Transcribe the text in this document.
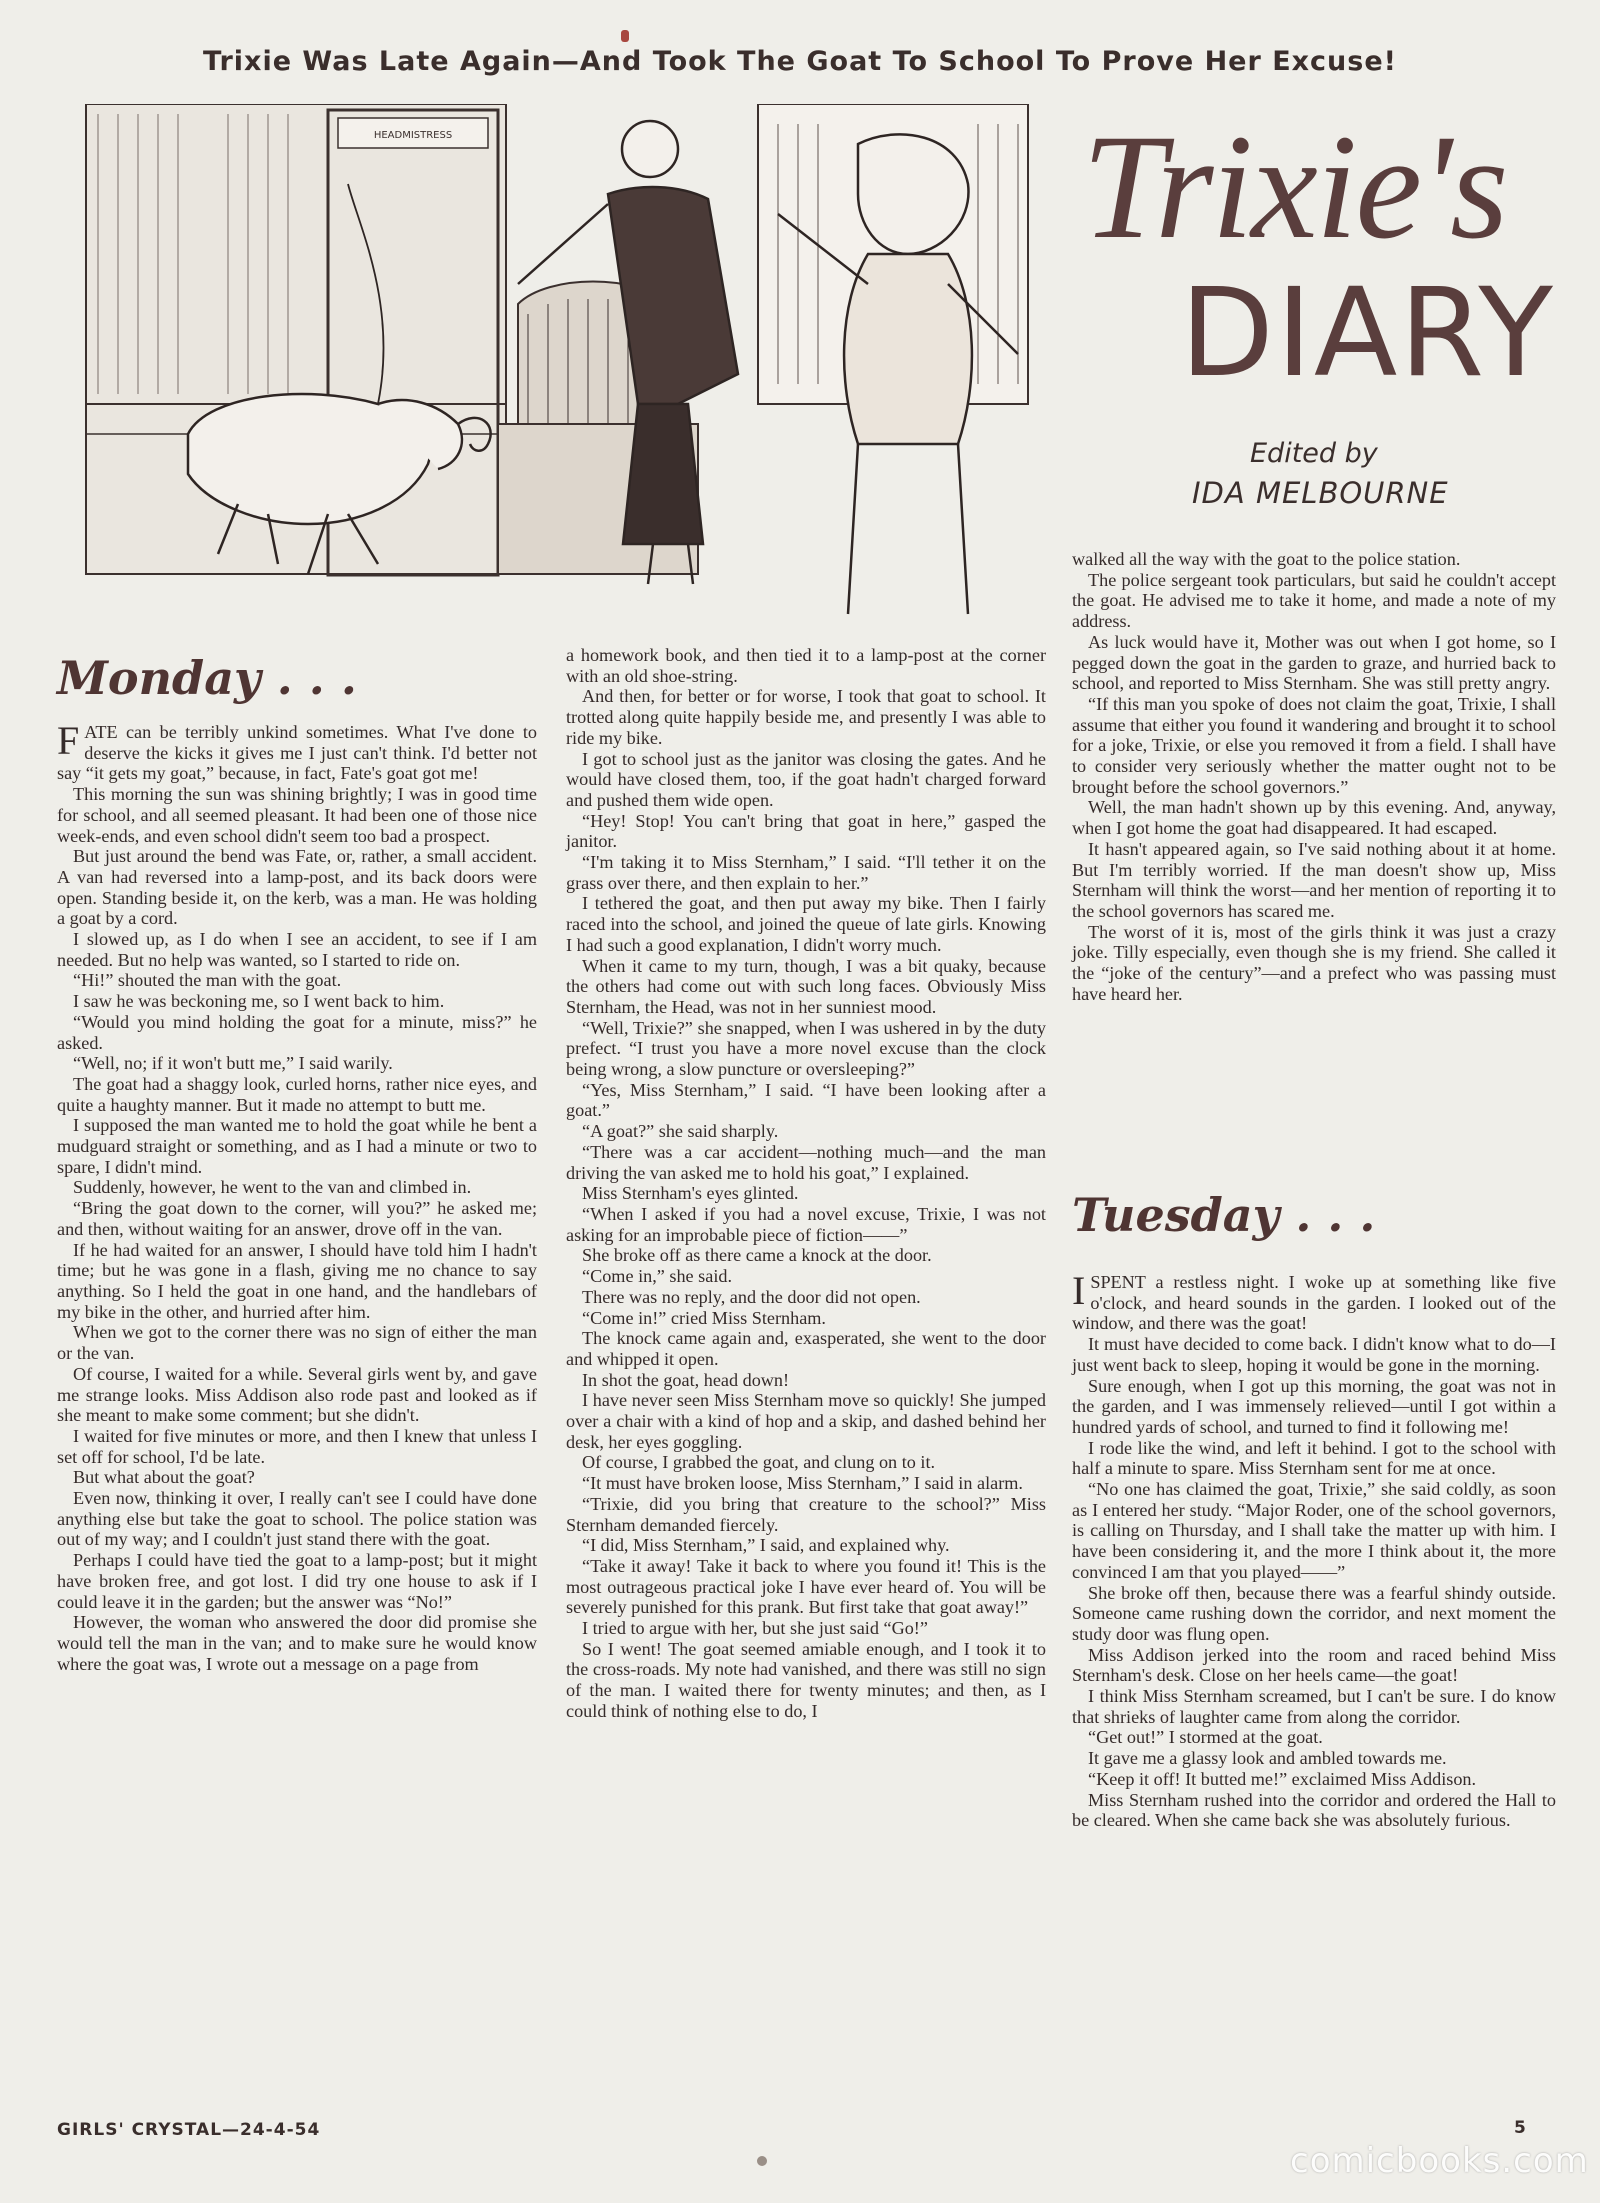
Trixie Was Late Again—And Took The Goat To School To Prove Her Excuse!
HEADMISTRESS	Trixie's
DIARY
Edited by
IDA MELBOURNE
Monday . . .

FATE can be terribly unkind sometimes. What I've done to deserve the kicks it gives me I just can't think. I'd better not say “it gets my goat,” because, in fact, Fate's goat got me!

This morning the sun was shining brightly; I was in good time for school, and all seemed pleasant. It had been one of those nice week-ends, and even school didn't seem too bad a prospect.

But just around the bend was Fate, or, rather, a small accident. A van had reversed into a lamp-post, and its back doors were open. Standing beside it, on the kerb, was a man. He was holding a goat by a cord.

I slowed up, as I do when I see an accident, to see if I am needed. But no help was wanted, so I started to ride on.

“Hi!” shouted the man with the goat.

I saw he was beckoning me, so I went back to him.

“Would you mind holding the goat for a minute, miss?” he asked.

“Well, no; if it won't butt me,” I said warily.

The goat had a shaggy look, curled horns, rather nice eyes, and quite a haughty manner. But it made no attempt to butt me.

I supposed the man wanted me to hold the goat while he bent a mudguard straight or something, and as I had a minute or two to spare, I didn't mind.

Suddenly, however, he went to the van and climbed in.

“Bring the goat down to the corner, will you?” he asked me; and then, without waiting for an answer, drove off in the van.

If he had waited for an answer, I should have told him I hadn't time; but he was gone in a flash, giving me no chance to say anything. So I held the goat in one hand, and the handlebars of my bike in the other, and hurried after him.

When we got to the corner there was no sign of either the man or the van.

Of course, I waited for a while. Several girls went by, and gave me strange looks. Miss Addison also rode past and looked as if she meant to make some comment; but she didn't.

I waited for five minutes or more, and then I knew that unless I set off for school, I'd be late.

But what about the goat?

Even now, thinking it over, I really can't see I could have done anything else but take the goat to school. The police station was out of my way; and I couldn't just stand there with the goat.

Perhaps I could have tied the goat to a lamp-post; but it might have broken free, and got lost. I did try one house to ask if I could leave it in the garden; but the answer was “No!”

However, the woman who answered the door did promise she would tell the man in the van; and to make sure he would know where the goat was, I wrote out a message on a page from

a homework book, and then tied it to a lamp-post at the corner with an old shoe-string.

And then, for better or for worse, I took that goat to school. It trotted along quite happily beside me, and presently I was able to ride my bike.

I got to school just as the janitor was closing the gates. And he would have closed them, too, if the goat hadn't charged forward and pushed them wide open.

“Hey! Stop! You can't bring that goat in here,” gasped the janitor.

“I'm taking it to Miss Sternham,” I said. “I'll tether it on the grass over there, and then explain to her.”

I tethered the goat, and then put away my bike. Then I fairly raced into the school, and joined the queue of late girls. Knowing I had such a good explanation, I didn't worry much.

When it came to my turn, though, I was a bit quaky, because the others had come out with such long faces. Obviously Miss Sternham, the Head, was not in her sunniest mood.

“Well, Trixie?” she snapped, when I was ushered in by the duty prefect. “I trust you have a more novel excuse than the clock being wrong, a slow puncture or oversleeping?”

“Yes, Miss Sternham,” I said. “I have been looking after a goat.”

“A goat?” she said sharply.

“There was a car accident—nothing much—and the man driving the van asked me to hold his goat,” I explained.

Miss Sternham's eyes glinted.

“When I asked if you had a novel excuse, Trixie, I was not asking for an improbable piece of fiction——”

She broke off as there came a knock at the door.

“Come in,” she said.

There was no reply, and the door did not open.

“Come in!” cried Miss Sternham.

The knock came again and, exasperated, she went to the door and whipped it open.

In shot the goat, head down!

I have never seen Miss Sternham move so quickly! She jumped over a chair with a kind of hop and a skip, and dashed behind her desk, her eyes goggling.

Of course, I grabbed the goat, and clung on to it.

“It must have broken loose, Miss Sternham,” I said in alarm.

“Trixie, did you bring that creature to the school?” Miss Sternham demanded fiercely.

“I did, Miss Sternham,” I said, and explained why.

“Take it away! Take it back to where you found it! This is the most outrageous practical joke I have ever heard of. You will be severely punished for this prank. But first take that goat away!”

I tried to argue with her, but she just said “Go!”

So I went! The goat seemed amiable enough, and I took it to the cross-roads. My note had vanished, and there was still no sign of the man. I waited there for twenty minutes; and then, as I could think of nothing else to do, I

walked all the way with the goat to the police station.

The police sergeant took particulars, but said he couldn't accept the goat. He advised me to take it home, and made a note of my address.

As luck would have it, Mother was out when I got home, so I pegged down the goat in the garden to graze, and hurried back to school, and reported to Miss Sternham. She was still pretty angry.

“If this man you spoke of does not claim the goat, Trixie, I shall assume that either you found it wandering and brought it to school for a joke, Trixie, or else you removed it from a field. I shall have to consider very seriously whether the matter ought not to be brought before the school governors.”

Well, the man hadn't shown up by this evening. And, anyway, when I got home the goat had disappeared. It had escaped.

It hasn't appeared again, so I've said nothing about it at home. But I'm terribly worried. If the man doesn't show up, Miss Sternham will think the worst—and her mention of reporting it to the school governors has scared me.

The worst of it is, most of the girls think it was just a crazy joke. Tilly especially, even though she is my friend. She called it the “joke of the century”—and a prefect who was passing must have heard her.

Tuesday . . .

ISPENT a restless night. I woke up at something like five o'clock, and heard sounds in the garden. I looked out of the window, and there was the goat!

It must have decided to come back. I didn't know what to do—I just went back to sleep, hoping it would be gone in the morning.

Sure enough, when I got up this morning, the goat was not in the garden, and I was immensely relieved—until I got within a hundred yards of school, and turned to find it following me!

I rode like the wind, and left it behind. I got to the school with half a minute to spare. Miss Sternham sent for me at once.

“No one has claimed the goat, Trixie,” she said coldly, as soon as I entered her study. “Major Roder, one of the school governors, is calling on Thursday, and I shall take the matter up with him. I have been considering it, and the more I think about it, the more convinced I am that you played——”

She broke off then, because there was a fearful shindy outside. Someone came rushing down the corridor, and next moment the study door was flung open.

Miss Addison jerked into the room and raced behind Miss Sternham's desk. Close on her heels came—the goat!

I think Miss Sternham screamed, but I can't be sure. I do know that shrieks of laughter came from along the corridor.

“Get out!” I stormed at the goat.

It gave me a glassy look and ambled towards me.

“Keep it off! It butted me!” exclaimed Miss Addison.

Miss Sternham rushed into the corridor and ordered the Hall to be cleared. When she came back she was absolutely furious.

GIRLS' CRYSTAL—24-4-54	5
comicbooks.com
